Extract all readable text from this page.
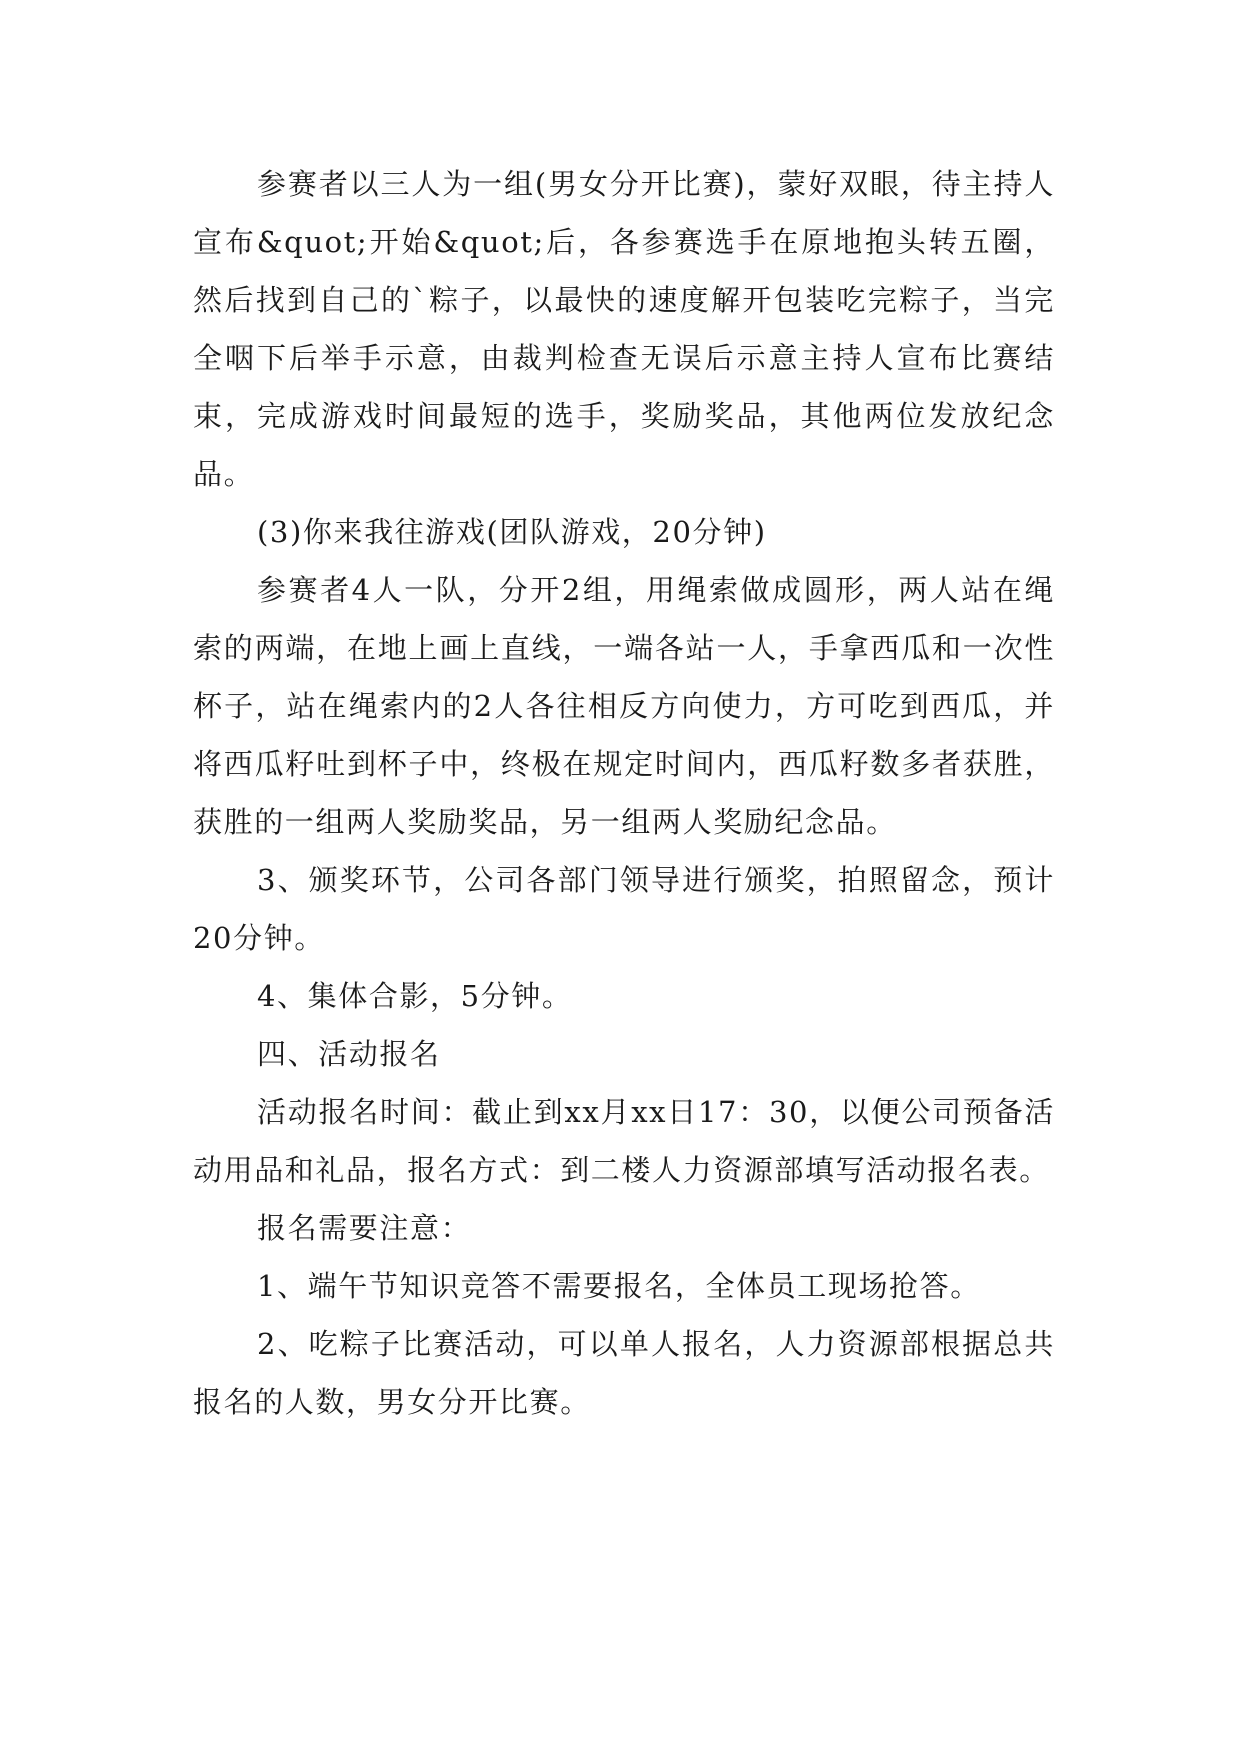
参赛者以三人为一组(男女分开比赛)，蒙好双眼，待主持人宣布&quot;开始&quot;后，各参赛选手在原地抱头转五圈，然后找到自己的`粽子，以最快的速度解开包装吃完粽子，当完全咽下后举手示意，由裁判检查无误后示意主持人宣布比赛结束，完成游戏时间最短的选手，奖励奖品，其他两位发放纪念品。

(3)你来我往游戏(团队游戏，20分钟)

参赛者4人一队，分开2组，用绳索做成圆形，两人站在绳索的两端，在地上画上直线，一端各站一人，手拿西瓜和一次性杯子，站在绳索内的2人各往相反方向使力，方可吃到西瓜，并将西瓜籽吐到杯子中，终极在规定时间内，西瓜籽数多者获胜，获胜的一组两人奖励奖品，另一组两人奖励纪念品。

3、颁奖环节，公司各部门领导进行颁奖，拍照留念，预计20分钟。

4、集体合影，5分钟。

四、活动报名

活动报名时间：截止到xx月xx日17：30，以便公司预备活动用品和礼品，报名方式：到二楼人力资源部填写活动报名表。

报名需要注意：

1、端午节知识竞答不需要报名，全体员工现场抢答。

2、吃粽子比赛活动，可以单人报名，人力资源部根据总共报名的人数，男女分开比赛。
